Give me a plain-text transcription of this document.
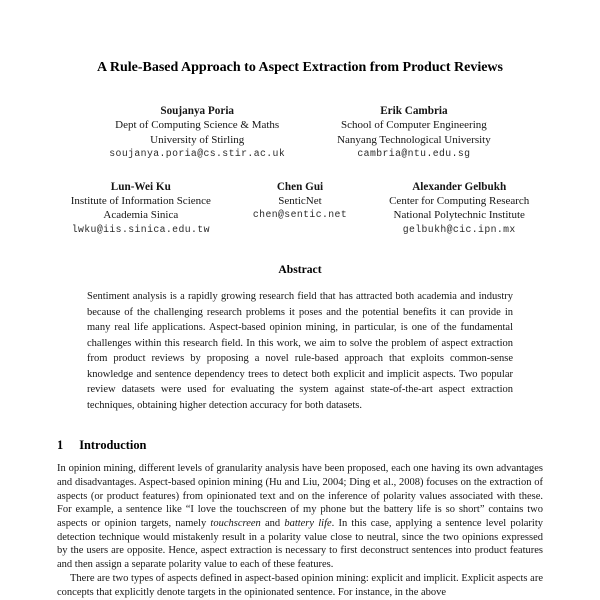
A Rule-Based Approach to Aspect Extraction from Product Reviews
Soujanya Poria
Dept of Computing Science & Maths
University of Stirling
soujanya.poria@cs.stir.ac.uk
Erik Cambria
School of Computer Engineering
Nanyang Technological University
cambria@ntu.edu.sg
Lun-Wei Ku
Institute of Information Science
Academia Sinica
lwku@iis.sinica.edu.tw
Chen Gui
SenticNet
chen@sentic.net
Alexander Gelbukh
Center for Computing Research
National Polytechnic Institute
gelbukh@cic.ipn.mx
Abstract

Sentiment analysis is a rapidly growing research field that has attracted both academia and industry because of the challenging research problems it poses and the potential benefits it can provide in many real life applications. Aspect-based opinion mining, in particular, is one of the fundamental challenges within this research field. In this work, we aim to solve the problem of aspect extraction from product reviews by proposing a novel rule-based approach that exploits common-sense knowledge and sentence dependency trees to detect both explicit and implicit aspects. Two popular review datasets were used for evaluating the system against state-of-the-art aspect extraction techniques, obtaining higher detection accuracy for both datasets.

1 Introduction

In opinion mining, different levels of granularity analysis have been proposed, each one having its own advantages and disadvantages. Aspect-based opinion mining (Hu and Liu, 2004; Ding et al., 2008) focuses on the extraction of aspects (or product features) from opinionated text and on the inference of polarity values associated with these. For example, a sentence like “I love the touchscreen of my phone but the battery life is so short” contains two aspects or opinion targets, namely touchscreen and battery life. In this case, applying a sentence level polarity detection technique would mistakenly result in a polarity value close to neutral, since the two opinions expressed by the users are opposite. Hence, aspect extraction is necessary to first deconstruct sentences into product features and then assign a separate polarity value to each of these features.

There are two types of aspects defined in aspect-based opinion mining: explicit and implicit. Explicit aspects are concepts that explicitly denote targets in the opinionated sentence. For instance, in the above
